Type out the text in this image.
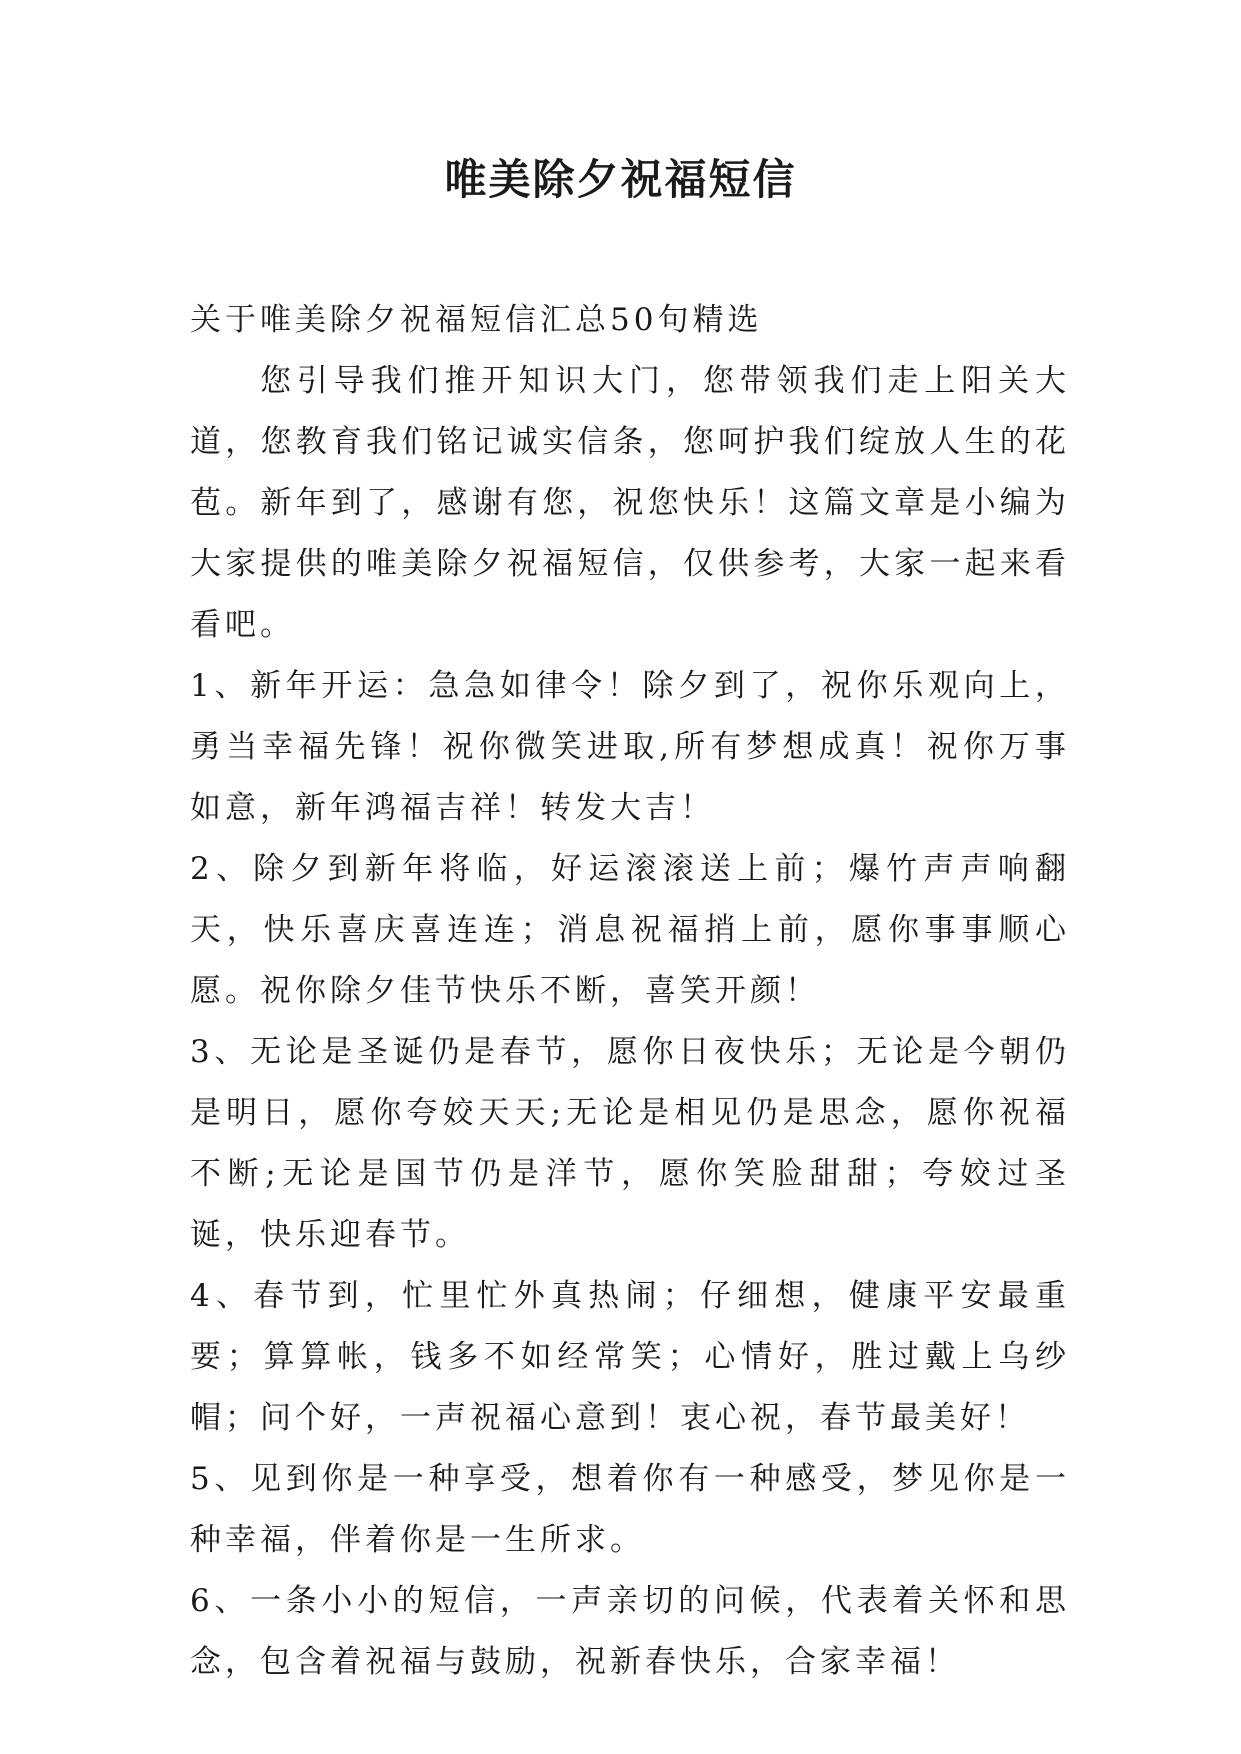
唯美除夕祝福短信

关于唯美除夕祝福短信汇总50句精选

您引导我们推开知识大门，您带领我们走上阳关大道，您教育我们铭记诚实信条，您呵护我们绽放人生的花苞。新年到了，感谢有您，祝您快乐！这篇文章是小编为大家提供的唯美除夕祝福短信，仅供参考，大家一起来看看吧。

1、新年开运：急急如律令！除夕到了，祝你乐观向上，勇当幸福先锋！祝你微笑进取,所有梦想成真！祝你万事如意，新年鸿福吉祥！转发大吉！

2、除夕到新年将临，好运滚滚送上前；爆竹声声响翻天，快乐喜庆喜连连；消息祝福捎上前，愿你事事顺心愿。祝你除夕佳节快乐不断，喜笑开颜！

3、无论是圣诞仍是春节，愿你日夜快乐；无论是今朝仍是明日，愿你夸姣天天;无论是相见仍是思念，愿你祝福不断;无论是国节仍是洋节，愿你笑脸甜甜；夸姣过圣诞，快乐迎春节。

4、春节到，忙里忙外真热闹；仔细想，健康平安最重要；算算帐，钱多不如经常笑；心情好，胜过戴上乌纱帽；问个好，一声祝福心意到！衷心祝，春节最美好！

5、见到你是一种享受，想着你有一种感受，梦见你是一种幸福，伴着你是一生所求。

6、一条小小的短信，一声亲切的问候，代表着关怀和思念，包含着祝福与鼓励，祝新春快乐，合家幸福！
